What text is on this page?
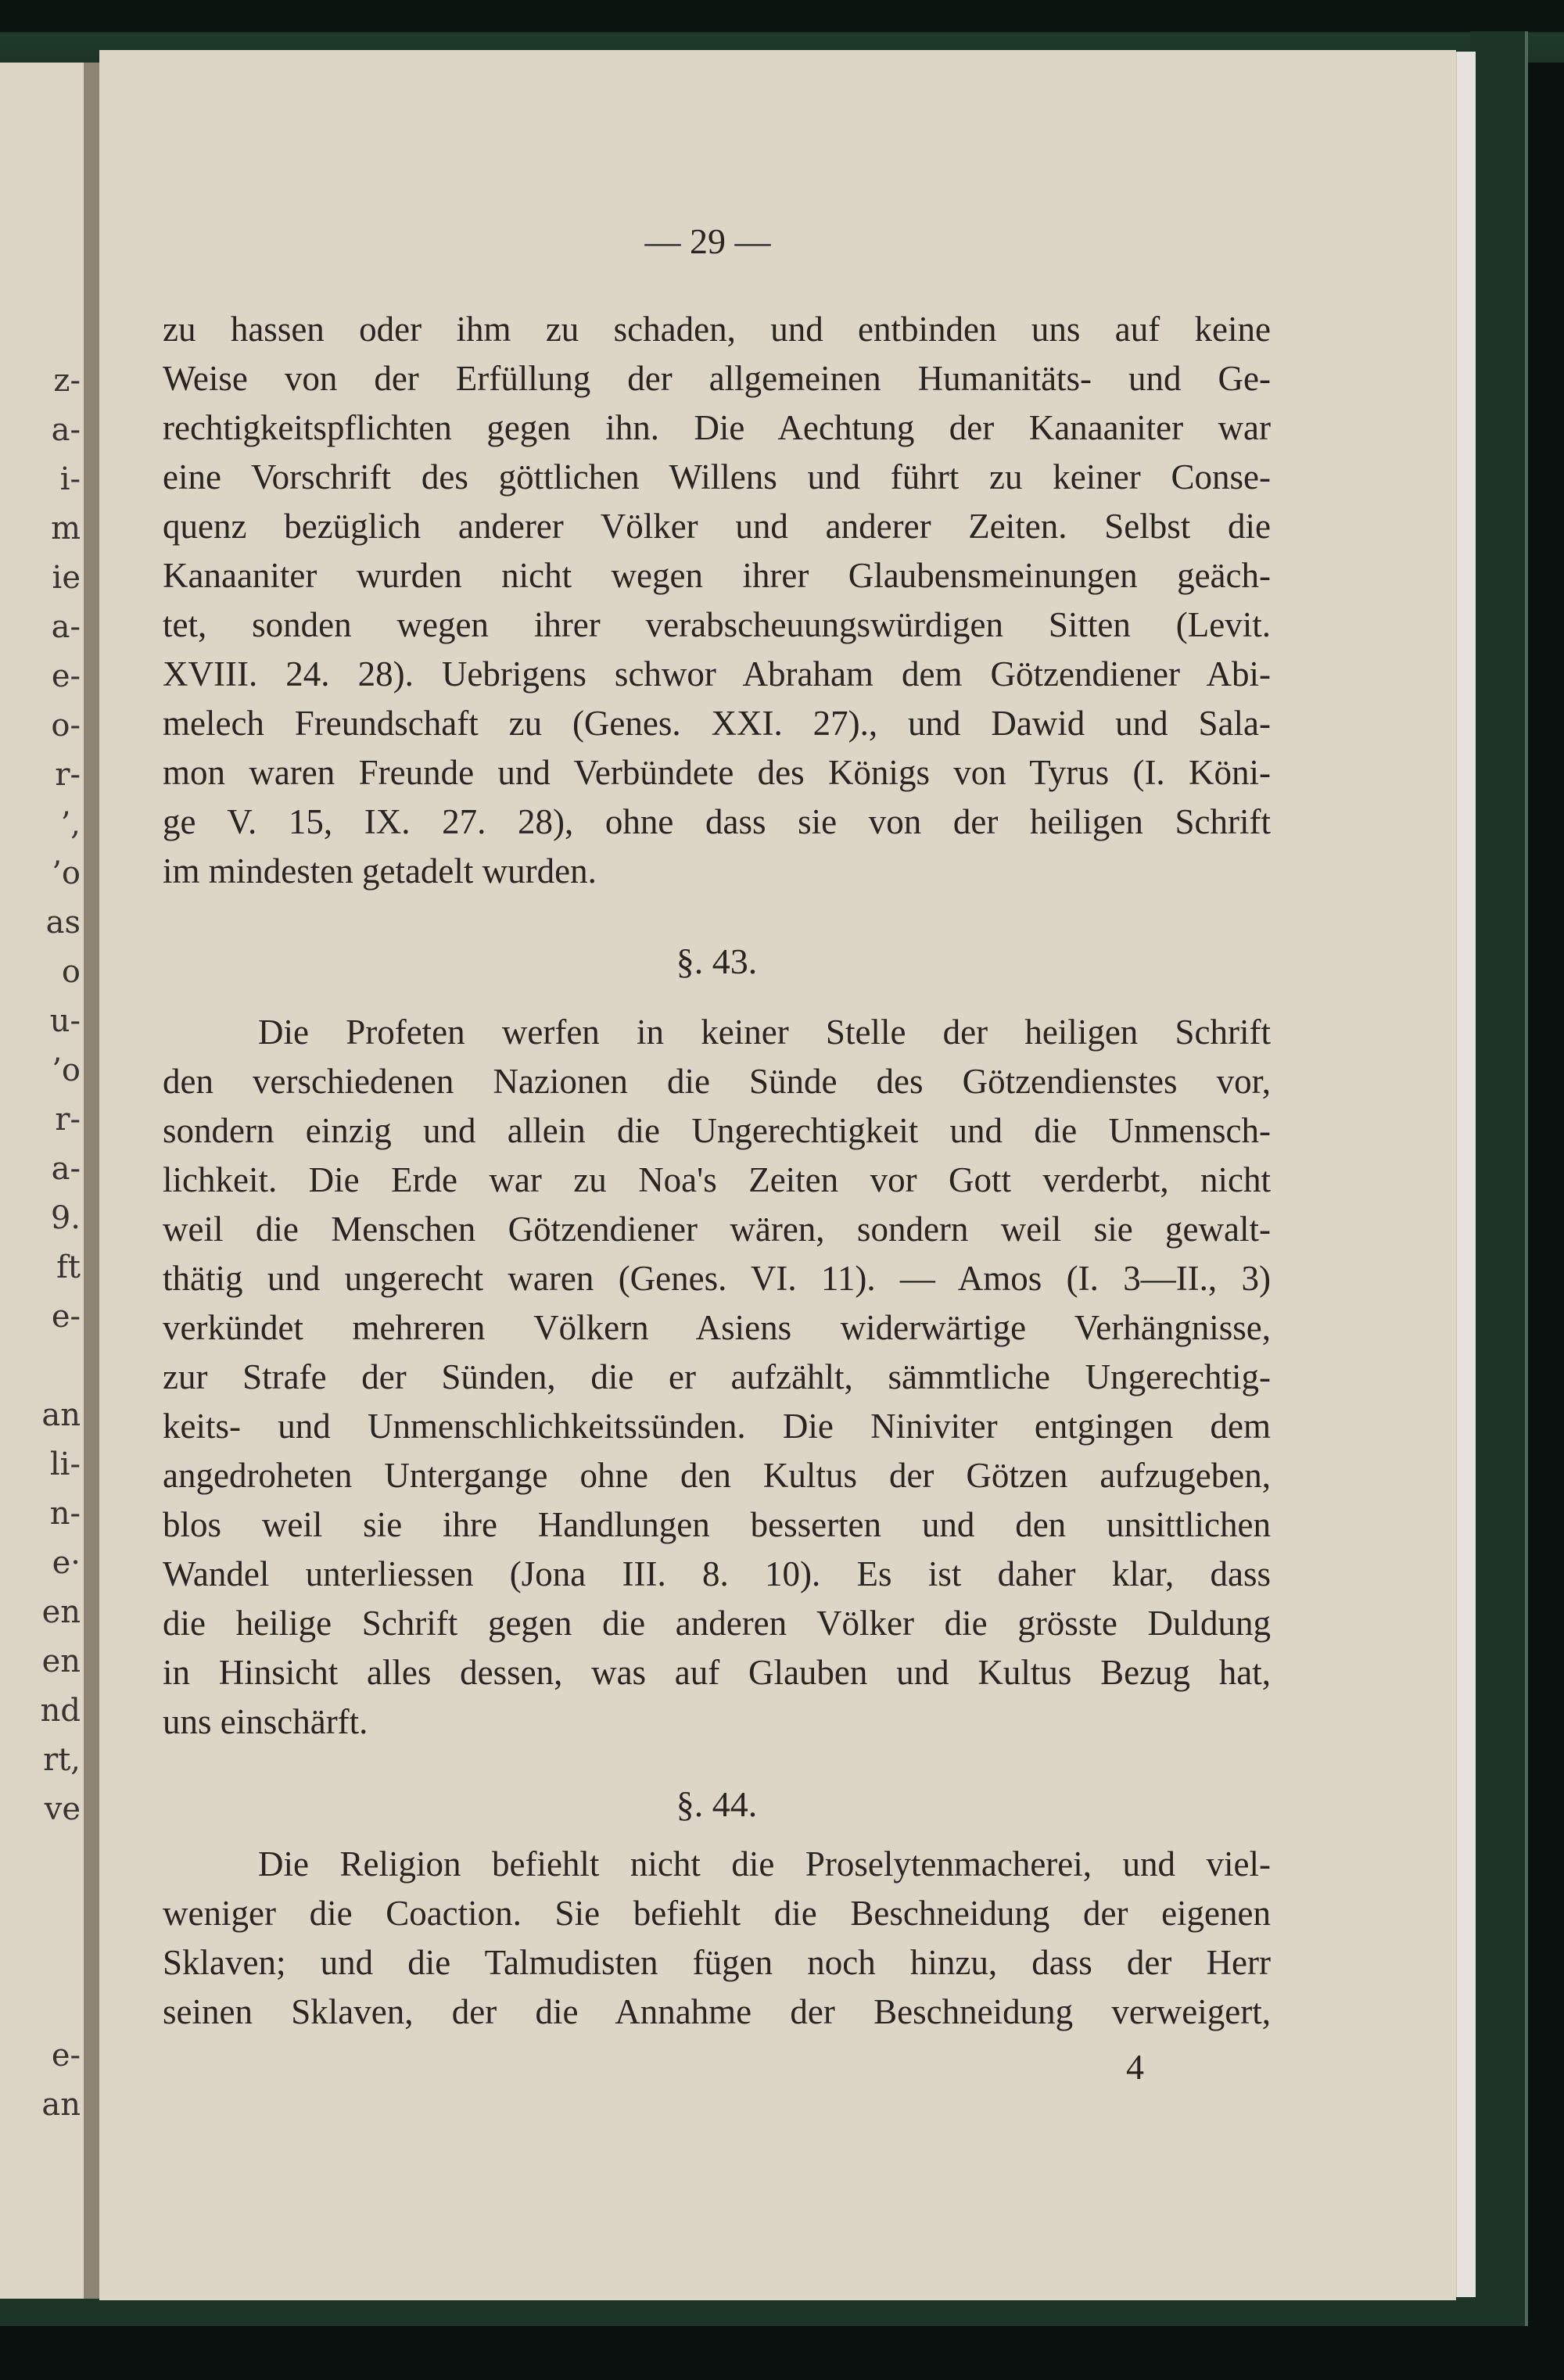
z-
a-
i-
m
ie
a-
e-
o-
r-
’,
’o
as
o
u-
’o
r-
a-
9.
ft
e-
an
li-
n-
e·
en
en
nd
rt,
ve
e-
an
— 29 —
zu hassen oder ihm zu schaden, und entbinden uns auf keine
Weise von der Erfüllung der allgemeinen Humanitäts- und Ge-
rechtigkeitspflichten gegen ihn. Die Aechtung der Kanaaniter war
eine Vorschrift des göttlichen Willens und führt zu keiner Conse-
quenz bezüglich anderer Völker und anderer Zeiten. Selbst die
Kanaaniter wurden nicht wegen ihrer Glaubensmeinungen geäch-
tet, sonden wegen ihrer verabscheuungswürdigen Sitten (Levit.
XVIII. 24. 28). Uebrigens schwor Abraham dem Götzendiener Abi-
melech Freundschaft zu (Genes. XXI. 27)., und Dawid und Sala-
mon waren Freunde und Verbündete des Königs von Tyrus (I. Köni-
ge V. 15, IX. 27. 28), ohne dass sie von der heiligen Schrift
im mindesten getadelt wurden.
§. 43.
Die Profeten werfen in keiner Stelle der heiligen Schrift
den verschiedenen Nazionen die Sünde des Götzendienstes vor,
sondern einzig und allein die Ungerechtigkeit und die Unmensch-
lichkeit. Die Erde war zu Noa's Zeiten vor Gott verderbt, nicht
weil die Menschen Götzendiener wären, sondern weil sie gewalt-
thätig und ungerecht waren (Genes. VI. 11). — Amos (I. 3—II., 3)
verkündet mehreren Völkern Asiens widerwärtige Verhängnisse,
zur Strafe der Sünden, die er aufzählt, sämmtliche Ungerechtig-
keits- und Unmenschlichkeitssünden. Die Niniviter entgingen dem
angedroheten Untergange ohne den Kultus der Götzen aufzugeben,
blos weil sie ihre Handlungen besserten und den unsittlichen
Wandel unterliessen (Jona III. 8. 10). Es ist daher klar, dass
die heilige Schrift gegen die anderen Völker die grösste Duldung
in Hinsicht alles dessen, was auf Glauben und Kultus Bezug hat,
uns einschärft.
§. 44.
Die Religion befiehlt nicht die Proselytenmacherei, und viel-
weniger die Coaction. Sie befiehlt die Beschneidung der eigenen
Sklaven; und die Talmudisten fügen noch hinzu, dass der Herr
seinen Sklaven, der die Annahme der Beschneidung verweigert,
4
